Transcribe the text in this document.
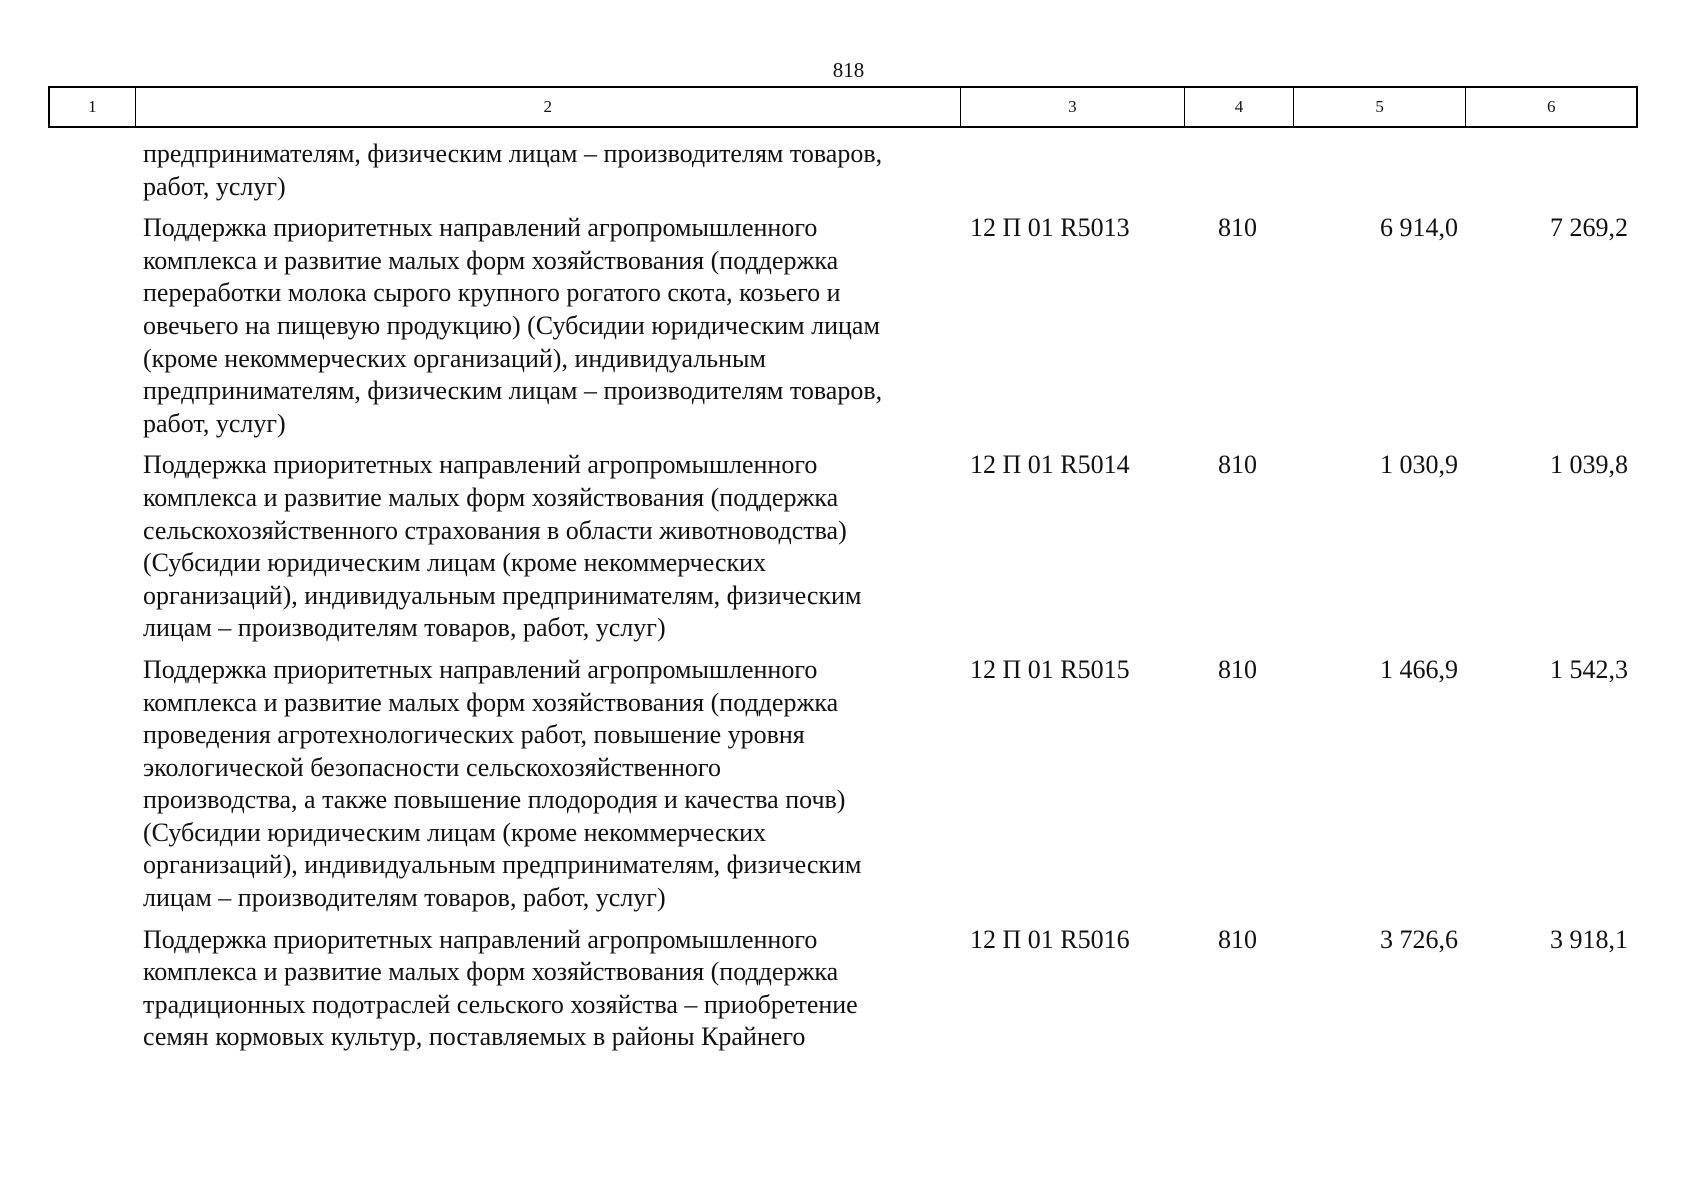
818
1	2	3	4	5	6
предпринимателям, физическим лицам – производителям товаров,
работ, услуг)
Поддержка приоритетных направлений агропромышленного
комплекса и развитие малых форм хозяйствования (поддержка
переработки молока сырого крупного рогатого скота, козьего и
овечьего на пищевую продукцию) (Субсидии юридическим лицам
(кроме некоммерческих организаций), индивидуальным
предпринимателям, физическим лицам – производителям товаров,
работ, услуг)
12 П 01 R5013	810	6 914,0	7 269,2
Поддержка приоритетных направлений агропромышленного
комплекса и развитие малых форм хозяйствования (поддержка
сельскохозяйственного страхования в области животноводства)
(Субсидии юридическим лицам (кроме некоммерческих
организаций), индивидуальным предпринимателям, физическим
лицам – производителям товаров, работ, услуг)
12 П 01 R5014	810	1 030,9	1 039,8
Поддержка приоритетных направлений агропромышленного
комплекса и развитие малых форм хозяйствования (поддержка
проведения агротехнологических работ, повышение уровня
экологической безопасности сельскохозяйственного
производства, а также повышение плодородия и качества почв)
(Субсидии юридическим лицам (кроме некоммерческих
организаций), индивидуальным предпринимателям, физическим
лицам – производителям товаров, работ, услуг)
12 П 01 R5015	810	1 466,9	1 542,3
Поддержка приоритетных направлений агропромышленного
комплекса и развитие малых форм хозяйствования (поддержка
традиционных подотраслей сельского хозяйства – приобретение
семян кормовых культур, поставляемых в районы Крайнего
12 П 01 R5016	810	3 726,6	3 918,1
